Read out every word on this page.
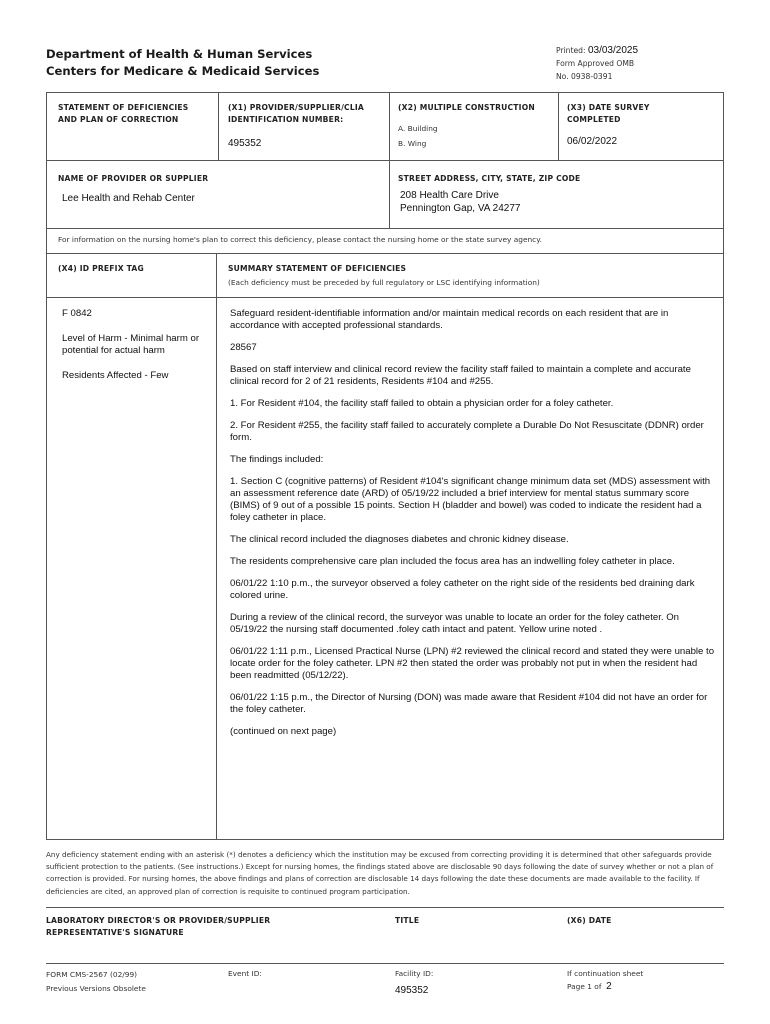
Department of Health & Human Services
Centers for Medicare & Medicaid Services
Printed: 03/03/2025
Form Approved OMB
No. 0938-0391
STATEMENT OF DEFICIENCIES
AND PLAN OF CORRECTION
(X1) PROVIDER/SUPPLIER/CLIA
IDENTIFICATION NUMBER:
495352
(X2) MULTIPLE CONSTRUCTION
A. Building
B. Wing
(X3) DATE SURVEY
COMPLETED
06/02/2022
NAME OF PROVIDER OR SUPPLIER
Lee Health and Rehab Center
STREET ADDRESS, CITY, STATE, ZIP CODE
208 Health Care Drive
Pennington Gap, VA 24277
For information on the nursing home's plan to correct this deficiency, please contact the nursing home or the state survey agency.
(X4) ID PREFIX TAG	SUMMARY STATEMENT OF DEFICIENCIES
(Each deficiency must be preceded by full regulatory or LSC identifying information)

F 0842

Level of Harm - Minimal harm or potential for actual harm

Residents Affected - Few

Safeguard resident-identifiable information and/or maintain medical records on each resident that are in accordance with accepted professional standards.

28567

Based on staff interview and clinical record review the facility staff failed to maintain a complete and accurate clinical record for 2 of 21 residents, Residents #104 and #255.

1. For Resident #104, the facility staff failed to obtain a physician order for a foley catheter.

2. For Resident #255, the facility staff failed to accurately complete a Durable Do Not Resuscitate (DDNR) order form.

The findings included:

1. Section C (cognitive patterns) of Resident #104's significant change minimum data set (MDS) assessment with an assessment reference date (ARD) of 05/19/22 included a brief interview for mental status summary score (BIMS) of 9 out of a possible 15 points. Section H (bladder and bowel) was coded to indicate the resident had a foley catheter in place.

The clinical record included the diagnoses diabetes and chronic kidney disease.

The residents comprehensive care plan included the focus area has an indwelling foley catheter in place.

06/01/22 1:10 p.m., the surveyor observed a foley catheter on the right side of the residents bed draining dark colored urine.

During a review of the clinical record, the surveyor was unable to locate an order for the foley catheter. On 05/19/22 the nursing staff documented .foley cath intact and patent. Yellow urine noted .

06/01/22 1:11 p.m., Licensed Practical Nurse (LPN) #2 reviewed the clinical record and stated they were unable to locate order for the foley catheter. LPN #2 then stated the order was probably not put in when the resident had been readmitted (05/12/22).

06/01/22 1:15 p.m., the Director of Nursing (DON) was made aware that Resident #104 did not have an order for the foley catheter.

(continued on next page)

Any deficiency statement ending with an asterisk (*) denotes a deficiency which the institution may be excused from correcting providing it is determined that other safeguards provide sufficient protection to the patients. (See instructions.) Except for nursing homes, the findings stated above are disclosable 90 days following the date of survey whether or not a plan of correction is provided. For nursing homes, the above findings and plans of correction are disclosable 14 days following the date these documents are made available to the facility. If deficiencies are cited, an approved plan of correction is requisite to continued program participation.
LABORATORY DIRECTOR'S OR PROVIDER/SUPPLIER
REPRESENTATIVE'S SIGNATURE
TITLE	(X6) DATE
FORM CMS-2567 (02/99)
Previous Versions Obsolete
Event ID:	Facility ID:
495352
If continuation sheet
Page 1 of 2
